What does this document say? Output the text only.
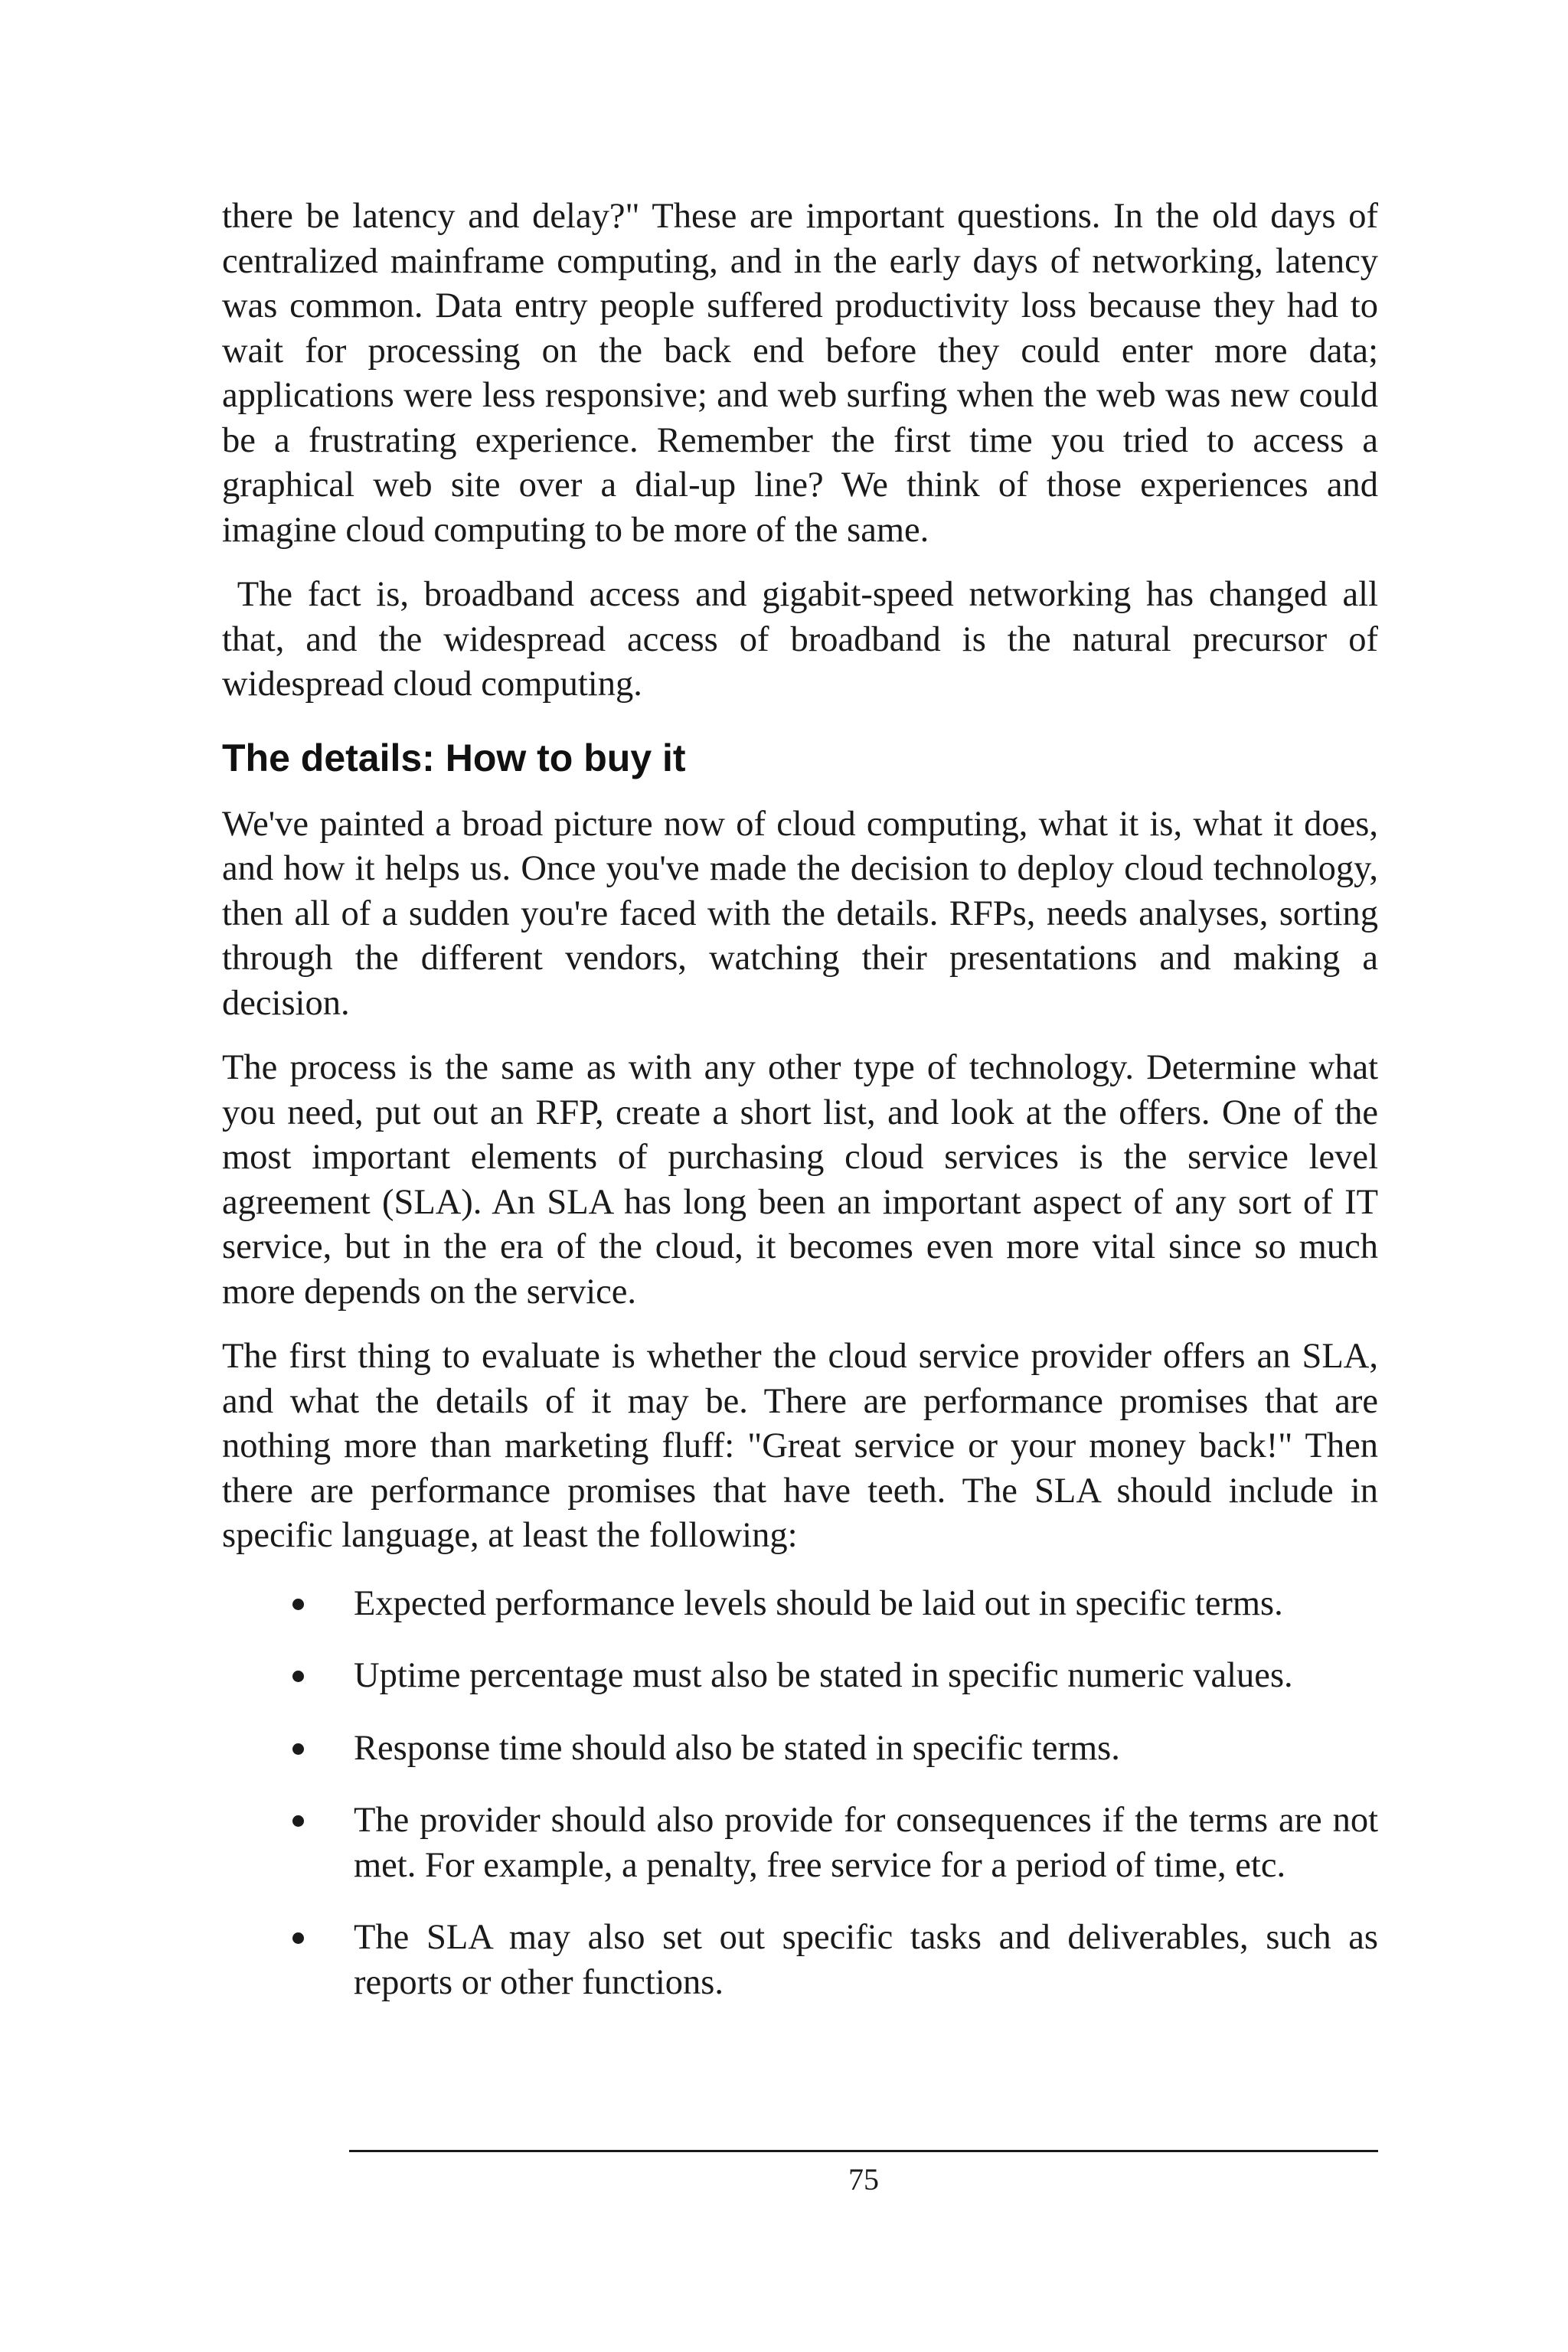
there be latency and delay?" These are important questions. In the old days of centralized mainframe computing, and in the early days of networking, latency was common. Data entry people suffered productivity loss because they had to wait for processing on the back end before they could enter more data; applications were less responsive; and web surfing when the web was new could be a frustrating experience. Remember the first time you tried to access a graphical web site over a dial-up line? We think of those experiences and imagine cloud computing to be more of the same.

The fact is, broadband access and gigabit-speed networking has changed all that, and the widespread access of broadband is the natural precursor of widespread cloud computing.

The details: How to buy it

We've painted a broad picture now of cloud computing, what it is, what it does, and how it helps us. Once you've made the decision to deploy cloud technology, then all of a sudden you're faced with the details. RFPs, needs analyses, sorting through the different vendors, watching their presentations and making a decision.

The process is the same as with any other type of technology. Determine what you need, put out an RFP, create a short list, and look at the offers. One of the most important elements of purchasing cloud services is the service level agreement (SLA). An SLA has long been an important aspect of any sort of IT service, but in the era of the cloud, it becomes even more vital since so much more depends on the service.

The first thing to evaluate is whether the cloud service provider offers an SLA, and what the details of it may be. There are performance promises that are nothing more than marketing fluff: "Great service or your money back!" Then there are performance promises that have teeth. The SLA should include in specific language, at least the following:

Expected performance levels should be laid out in specific terms.
Uptime percentage must also be stated in specific numeric values.
Response time should also be stated in specific terms.
The provider should also provide for consequences if the terms are not met. For example, a penalty, free service for a period of time, etc.
The SLA may also set out specific tasks and deliverables, such as reports or other functions.
75
